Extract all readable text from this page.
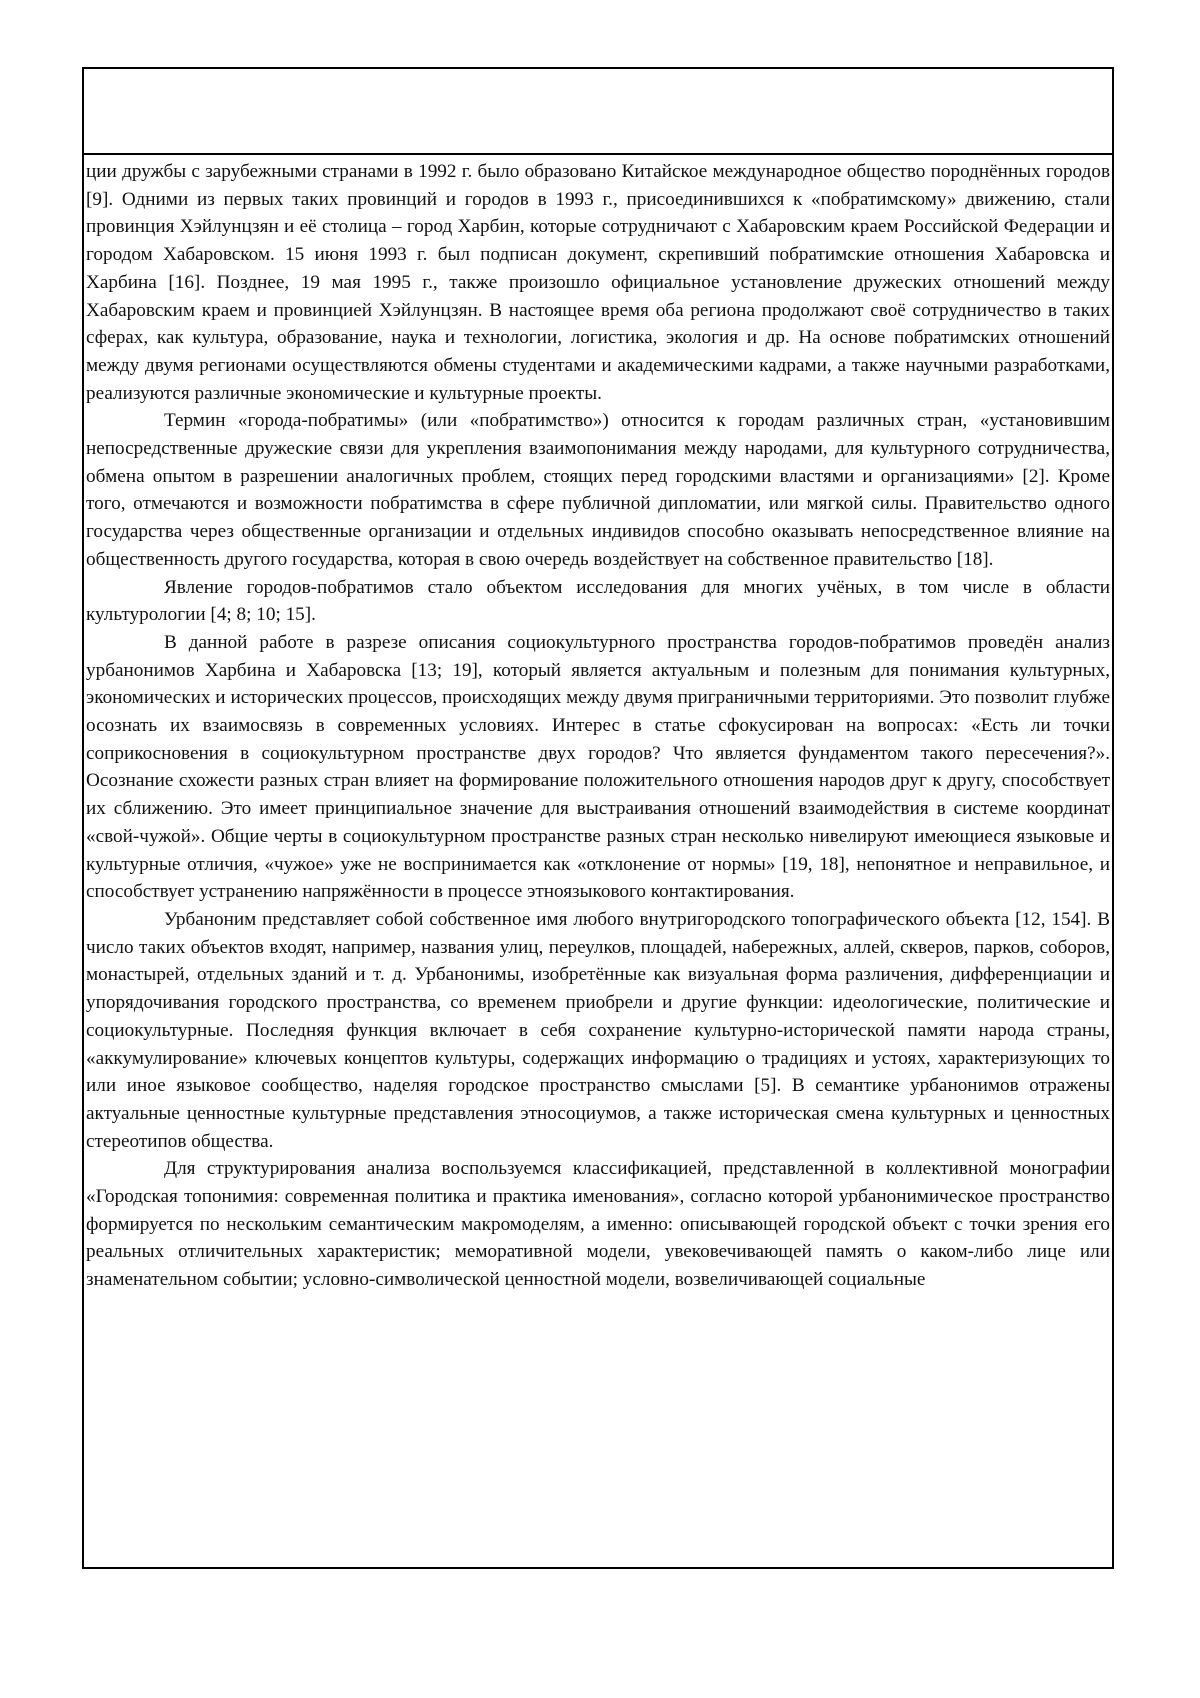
ции дружбы с зарубежными странами в 1992 г. было образовано Китайское международное общество породнённых городов [9]. Одними из первых таких провинций и городов в 1993 г., присоединившихся к «побратимскому» движению, стали провинция Хэйлунцзян и её столица – город Харбин, которые сотрудничают с Хабаровским краем Российской Федерации и городом Хабаровском. 15 июня 1993 г. был подписан документ, скрепивший побратимские отношения Хабаровска и Харбина [16]. Позднее, 19 мая 1995 г., также произошло официальное установление дружеских отношений между Хабаровским краем и провинцией Хэйлунцзян. В настоящее время оба региона продолжают своё сотрудничество в таких сферах, как культура, образование, наука и технологии, логистика, экология и др. На основе побратимских отношений между двумя регионами осуществляются обмены студентами и академическими кадрами, а также научными разработками, реализуются различные экономические и культурные проекты.

Термин «города-побратимы» (или «побратимство») относится к городам различных стран, «установившим непосредственные дружеские связи для укрепления взаимопонимания между народами, для культурного сотрудничества, обмена опытом в разрешении аналогичных проблем, стоящих перед городскими властями и организациями» [2]. Кроме того, отмечаются и возможности побратимства в сфере публичной дипломатии, или мягкой силы. Правительство одного государства через общественные организации и отдельных индивидов способно оказывать непосредственное влияние на общественность другого государства, которая в свою очередь воздействует на собственное правительство [18].

Явление городов-побратимов стало объектом исследования для многих учёных, в том числе в области культурологии [4; 8; 10; 15].

В данной работе в разрезе описания социокультурного пространства городов-побратимов проведён анализ урбанонимов Харбина и Хабаровска [13; 19], который является актуальным и полезным для понимания культурных, экономических и исторических процессов, происходящих между двумя приграничными территориями. Это позволит глубже осознать их взаимосвязь в современных условиях. Интерес в статье сфокусирован на вопросах: «Есть ли точки соприкосновения в социокультурном пространстве двух городов? Что является фундаментом такого пересечения?». Осознание схожести разных стран влияет на формирование положительного отношения народов друг к другу, способствует их сближению. Это имеет принципиальное значение для выстраивания отношений взаимодействия в системе координат «свой-чужой». Общие черты в социокультурном пространстве разных стран несколько нивелируют имеющиеся языковые и культурные отличия, «чужое» уже не воспринимается как «отклонение от нормы» [19, 18], непонятное и неправильное, и способствует устранению напряжённости в процессе этноязыкового контактирования.

Урбаноним представляет собой собственное имя любого внутригородского топографического объекта [12, 154]. В число таких объектов входят, например, названия улиц, переулков, площадей, набережных, аллей, скверов, парков, соборов, монастырей, отдельных зданий и т. д. Урбанонимы, изобретённые как визуальная форма различения, дифференциации и упорядочивания городского пространства, со временем приобрели и другие функции: идеологические, политические и социокультурные. Последняя функция включает в себя сохранение культурно-исторической памяти народа страны, «аккумулирование» ключевых концептов культуры, содержащих информацию о традициях и устоях, характеризующих то или иное языковое сообщество, наделяя городское пространство смыслами [5]. В семантике урбанонимов отражены актуальные ценностные культурные представления этносоциумов, а также историческая смена культурных и ценностных стереотипов общества.

Для структурирования анализа воспользуемся классификацией, представленной в коллективной монографии «Городская топонимия: современная политика и практика именования», согласно которой урбанонимическое пространство формируется по нескольким семантическим макромоделям, а именно: описывающей городской объект с точки зрения его реальных отличительных характеристик; меморативной модели, увековечивающей память о каком-либо лице или знаменательном событии; условно-символической ценностной модели, возвеличивающей социальные
